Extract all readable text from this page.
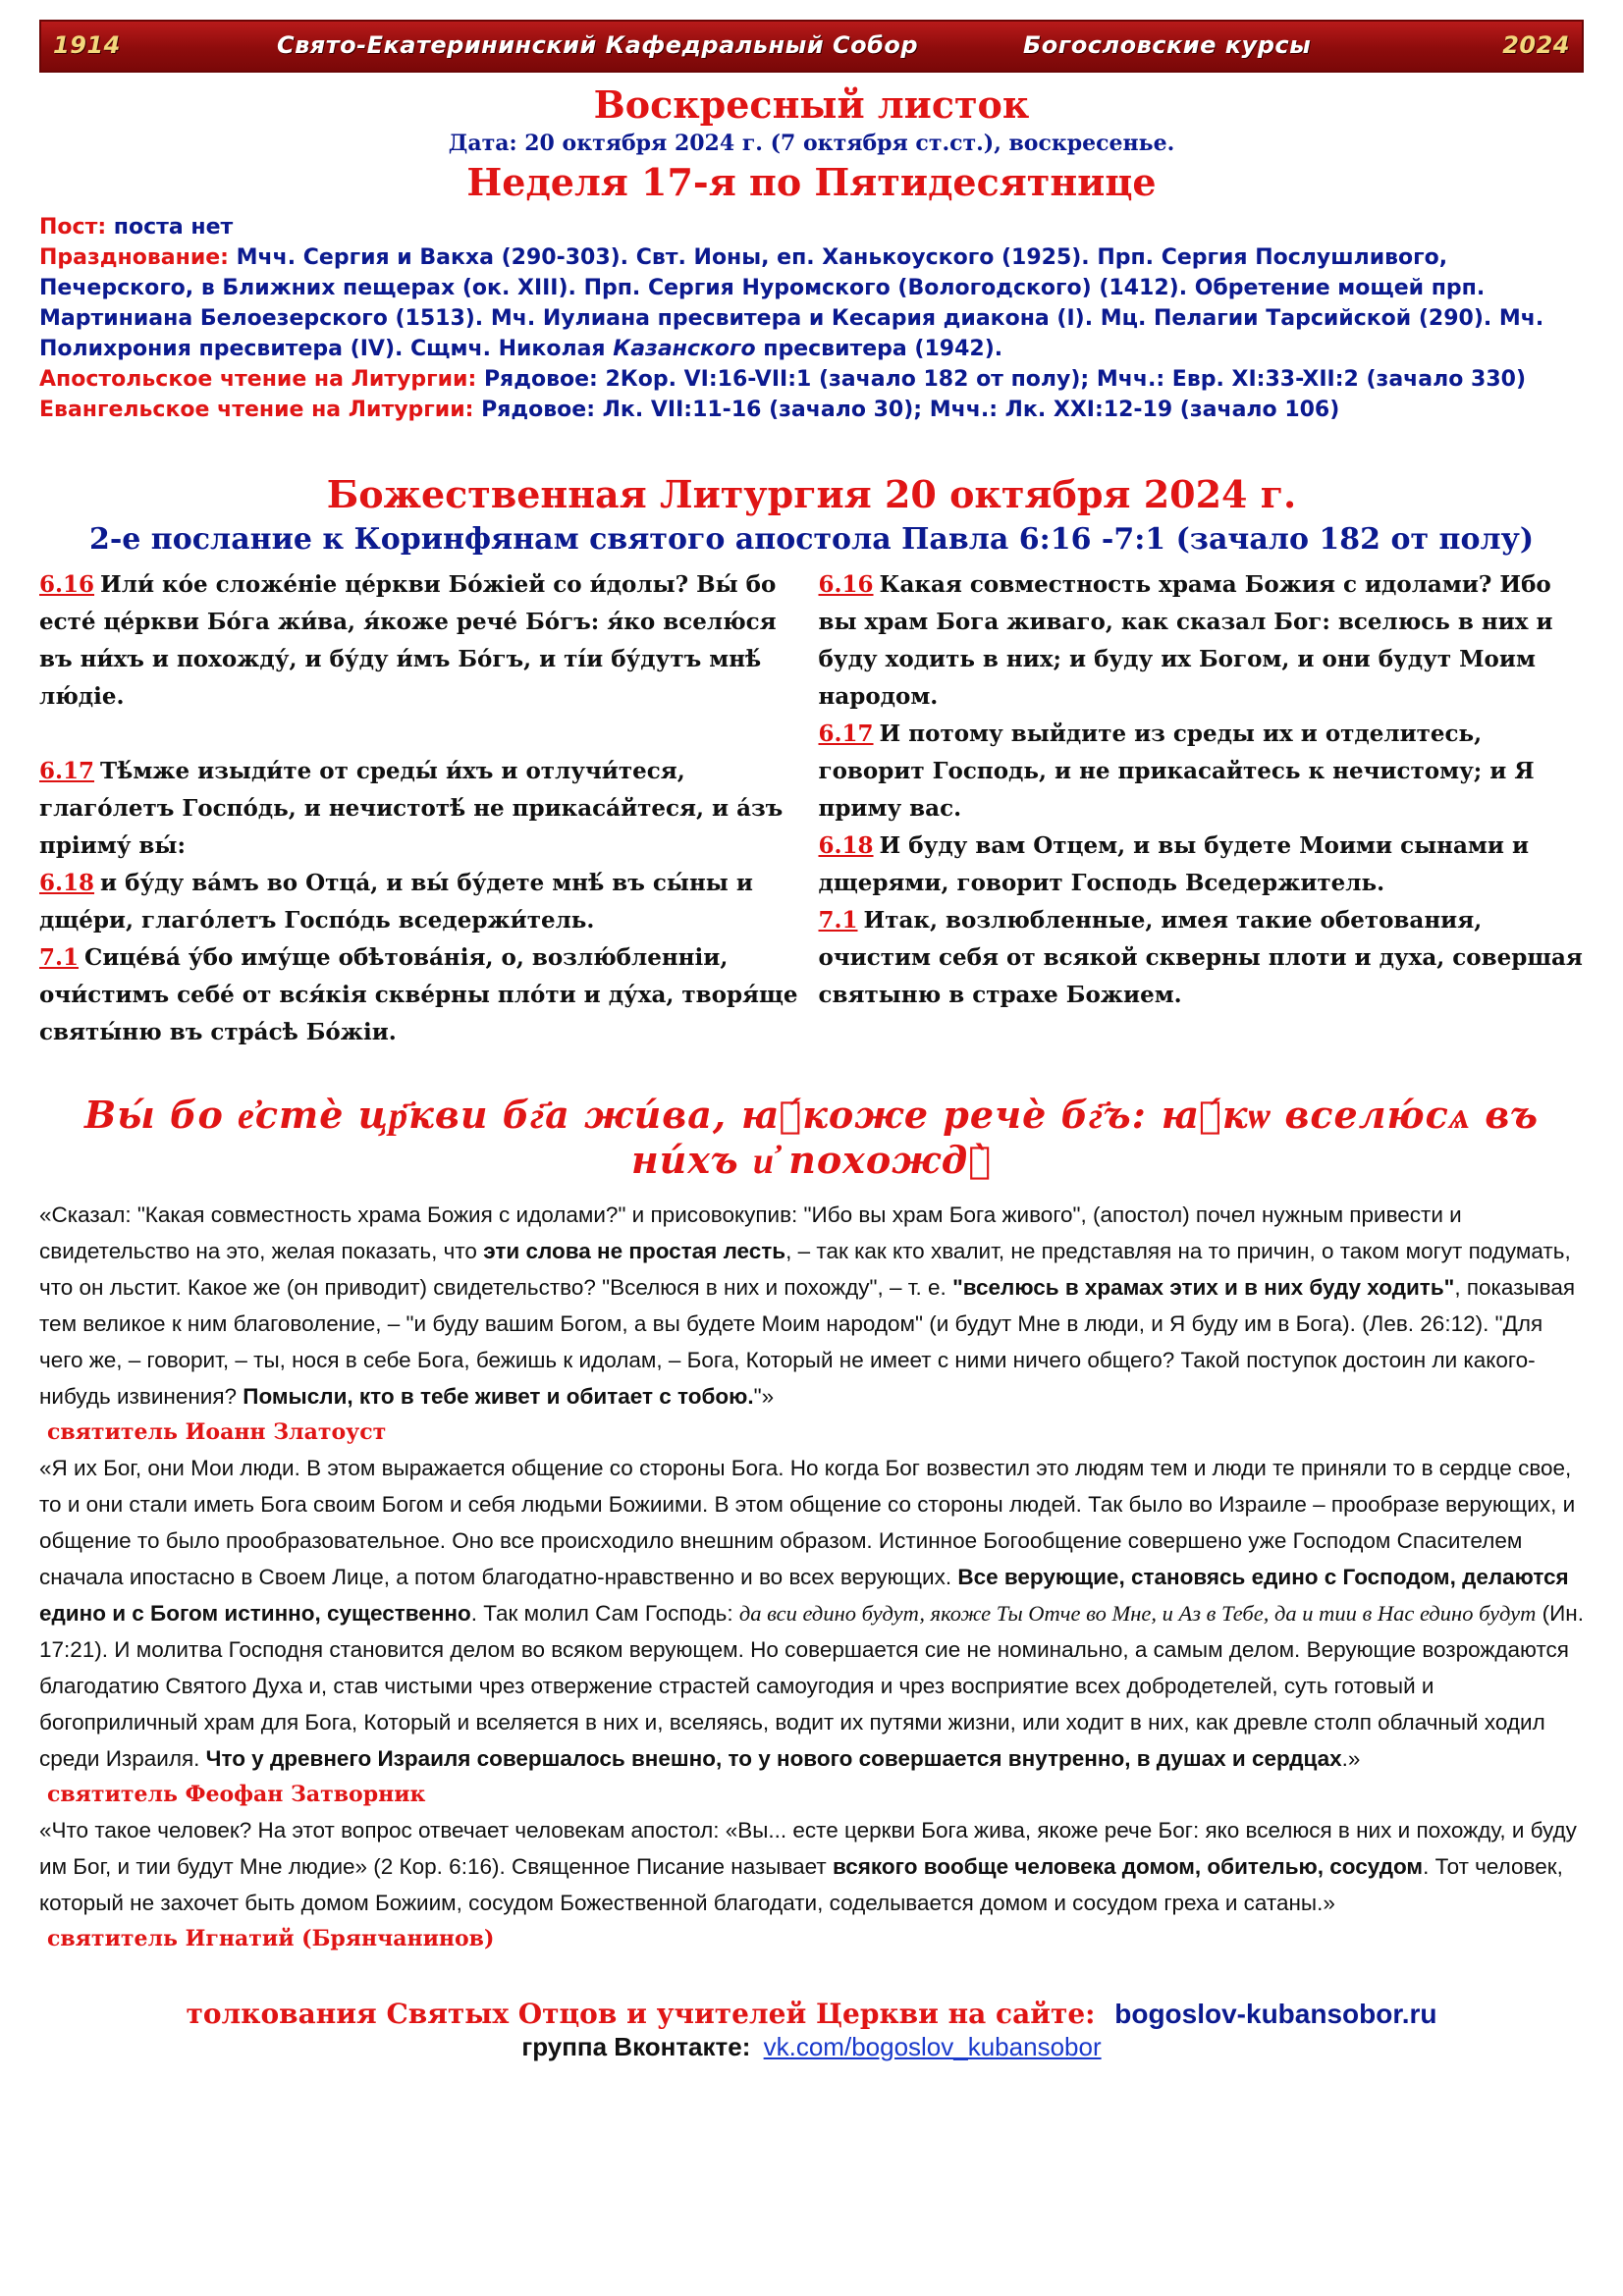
1914	Свято-Екатерининский Кафедральный Собор	Богословские курсы	2024
Воскресный листок
Дата: 20 октября 2024 г. (7 октября ст.ст.), воскресенье.
Неделя 17-я по Пятидесятнице
Пост: поста нет
Празднование: Мчч. Сергия и Вакха (290-303). Свт. Ионы, еп. Ханькоуского (1925). Прп. Сергия Послушливого, Печерского, в Ближних пещерах (ок. XIII). Прп. Сергия Нуромского (Вологодского) (1412). Обретение мощей прп. Мартиниана Белоезерского (1513). Мч. Иулиана пресвитера и Кесария диакона (I). Мц. Пелагии Тарсийской (290). Мч. Полихрония пресвитера (IV). Сщмч. Николая Казанского пресвитера (1942).
Апостольское чтение на Литургии: Рядовое: 2Кор. VI:16-VII:1 (зачало 182 от полу); Мчч.: Евр. XI:33-XII:2 (зачало 330)
Евангельское чтение на Литургии: Рядовое: Лк. VII:11-16 (зачало 30); Мчч.: Лк. XXI:12-19 (зачало 106)
Божественная Литургия 20 октября 2024 г.
2-е послание к Коринфянам святого апостола Павла 6:16 -7:1 (зачало 182 от полу)

6.16 Или́ ко́е сложе́ніе це́ркви Бо́жіей со и́долы? Вы́ бо есте́ це́ркви Бо́га жи́ва, я́коже рече́ Бо́гъ: я́ко вселю́ся въ ни́хъ и похожду́, и бу́ду и́мъ Бо́гъ, и ті́и бу́дутъ мнѣ́ лю́діе.

6.17 Тѣ́мже изыди́те от среды́ и́хъ и отлучи́теся, глаго́летъ Госпо́дь, и нечистотѣ́ не прикаса́йтеся, и а́зъ пріиму́ вы́:

6.18 и бу́ду ва́мъ во Отца́, и вы́ бу́дете мнѣ́ въ сы́ны и дщéри, глаго́летъ Госпо́дь вседержи́тель.

7.1 Сице́ва́ у́бо иму́ще обѣтова́нія, о, возлю́бленніи, очи́стимъ себе́ от вся́кія скве́рны пло́ти и ду́ха, творя́ще святы́ню въ стра́сѣ Бо́жіи.

6.16 Какая совместность храма Божия с идолами? Ибо вы храм Бога живаго, как сказал Бог: вселюсь в них и буду ходить в них; и буду их Богом, и они будут Моим народом.

6.17 И потому выйдите из среды их и отделитесь, говорит Господь, и не прикасайтесь к нечистому; и Я приму вас.

6.18 И буду вам Отцем, и вы будете Моими сынами и дщерями, говорит Господь Вседержитель.

7.1 Итак, возлюбленные, имея такие обетования, очистим себя от всякой скверны плоти и духа, совершая святыню в страхе Божием.

Вы́ бо е҆стѐ цр҃кви бг҃а жи́ва, ꙗ҆́коже речѐ бг҃ъ: ꙗ҆́кѡ вселю́сѧ въ ни́хъ и҆ похождꙋ̀

«Сказал: "Какая совместность храма Божия с идолами?" и присовокупив: "Ибо вы храм Бога живого", (апостол) почел нужным привести и свидетельство на это, желая показать, что эти слова не простая лесть, – так как кто хвалит, не представляя на то причин, о таком могут подумать, что он льстит. Какое же (он приводит) свидетельство? "Вселюся в них и похожду", – т. е. "вселюсь в храмах этих и в них буду ходить", показывая тем великое к ним благоволение, – "и буду вашим Богом, а вы будете Моим народом" (и будут Мне в люди, и Я буду им в Бога). (Лев. 26:12). "Для чего же, – говорит, – ты, нося в себе Бога, бежишь к идолам, – Бога, Который не имеет с ними ничего общего? Такой поступок достоин ли какого-нибудь извинения? Помысли, кто в тебе живет и обитает с тобою."»

святитель Иоанн Златоуст

«Я их Бог, они Мои люди. В этом выражается общение со стороны Бога. Но когда Бог возвестил это людям тем и люди те приняли то в сердце свое, то и они стали иметь Бога своим Богом и себя людьми Божиими. В этом общение со стороны людей. Так было во Израиле – прообразе верующих, и общение то было прообразовательное. Оно все происходило внешним образом. Истинное Богообщение совершено уже Господом Спасителем сначала ипостасно в Своем Лице, а потом благодатно-нравственно и во всех верующих. Все верующие, становясь едино с Господом, делаются едино и с Богом истинно, существенно. Так молил Сам Господь: да вси едино будут, якоже Ты Отче во Мне, и Аз в Тебе, да и тии в Нас едино будут (Ин. 17:21). И молитва Господня становится делом во всяком верующем. Но совершается сие не номинально, а самым делом. Верующие возрождаются благодатию Святого Духа и, став чистыми чрез отвержение страстей самоугодия и чрез восприятие всех добродетелей, суть готовый и богоприличный храм для Бога, Который и вселяется в них и, вселяясь, водит их путями жизни, или ходит в них, как древле столп облачный ходил среди Израиля. Что у древнего Израиля совершалось внешно, то у нового совершается внутренно, в душах и сердцах.»

святитель Феофан Затворник

«Что такое человек? На этот вопрос отвечает человекам апостол: «Вы... есте церкви Бога жива, якоже рече Бог: яко вселюся в них и похожду, и буду им Бог, и тии будут Мне людие» (2 Кор. 6:16). Священное Писание называет всякого вообще человека домом, обителью, сосудом. Тот человек, который не захочет быть домом Божиим, сосудом Божественной благодати, соделывается домом и сосудом греха и сатаны.»

святитель Игнатий (Брянчанинов)
толкования Святых Отцов и учителей Церкви на сайте: bogoslov-kubansobor.ru
группа Вконтакте: vk.com/bogoslov_kubansobor
